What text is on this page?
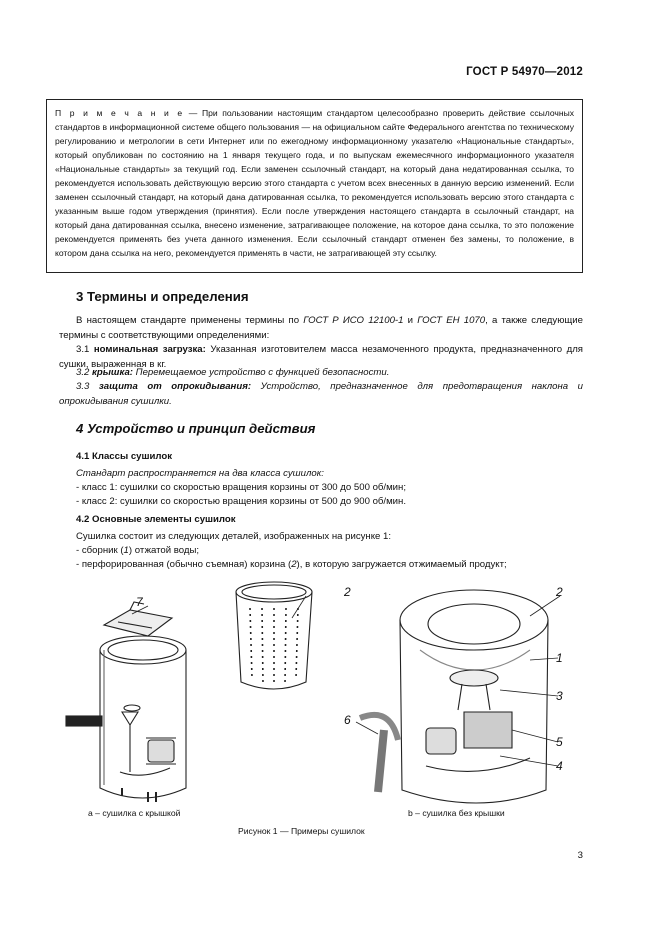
ГОСТ Р 54970—2012
П р и м е ч а н и е — При пользовании настоящим стандартом целесообразно проверить действие ссылочных стандартов в информационной системе общего пользования — на официальном сайте Федерального агентства по техническому регулированию и метрологии в сети Интернет или по ежегодному информационному указателю «Национальные стандарты», который опубликован по состоянию на 1 января текущего года, и по выпускам ежемесячного информационного указателя «Национальные стандарты» за текущий год. Если заменен ссылочный стандарт, на который дана недатированная ссылка, то рекомендуется использовать действующую версию этого стандарта с учетом всех внесенных в данную версию изменений. Если заменен ссылочный стандарт, на который дана датированная ссылка, то рекомендуется использовать версию этого стандарта с указанным выше годом утверждения (принятия). Если после утверждения настоящего стандарта в ссылочный стандарт, на который дана датированная ссылка, внесено изменение, затрагивающее положение, на которое дана ссылка, то это положение рекомендуется применять без учета данного изменения. Если ссылочный стандарт отменен без замены, то положение, в котором дана ссылка на него, рекомендуется применять в части, не затрагивающей эту ссылку.
3 Термины и определения
В настоящем стандарте применены термины по ГОСТ Р ИСО 12100-1 и ГОСТ ЕН 1070, а также следующие термины с соответствующими определениями:
3.1 номинальная загрузка: Указанная изготовителем масса незамоченного продукта, предназначенного для сушки, выраженная в кг.
3.2 крышка: Перемещаемое устройство с функцией безопасности.
3.3 защита от опрокидывания: Устройство, предназначенное для предотвращения наклона и опрокидывания сушилки.
4 Устройство и принцип действия
4.1 Классы сушилок
Стандарт распространяется на два класса сушилок:
- класс 1: сушилки со скоростью вращения корзины от 300 до 500 об/мин;
- класс 2: сушилки со скоростью вращения корзины от 500 до 900 об/мин.
4.2 Основные элементы сушилок
Сушилка состоит из следующих деталей, изображенных на рисунке 1:
- сборник (1) отжатой воды;
- перфорированная (обычно съемная) корзина (2), в которую загружается отжимаемый продукт;
7
2	2
1
3
6
5
4
а – сушилка с крышкой	b – сушилка без крышки
Рисунок 1 — Примеры сушилок
3
